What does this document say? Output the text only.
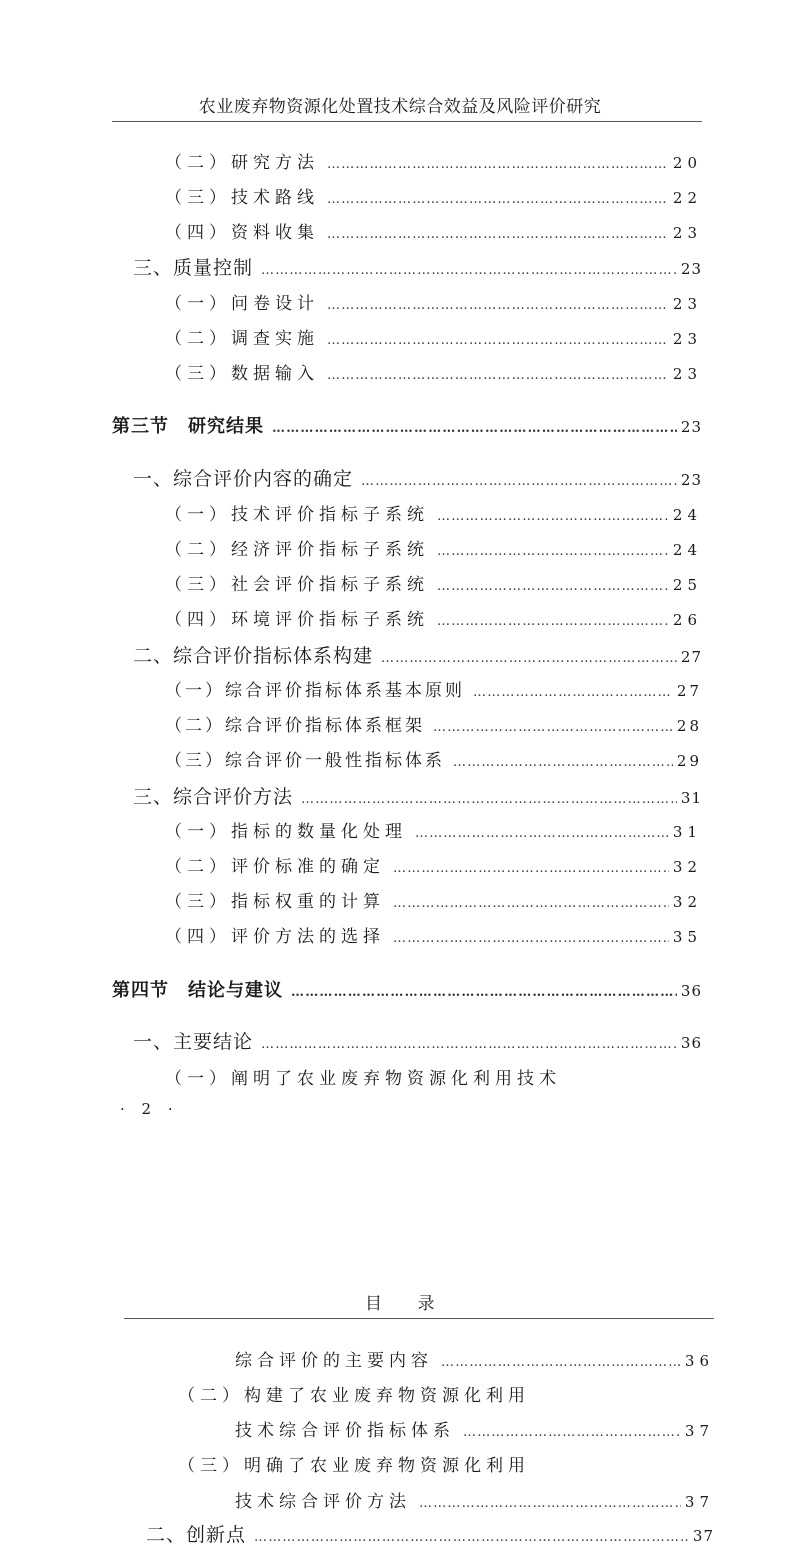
农业废弃物资源化处置技术综合效益及风险评价研究
（二）研究方法 ……………………………………………………………………………………………………………………………………………………………………………………	20
（三）技术路线 ……………………………………………………………………………………………………………………………………………………………………………………	22
（四）资料收集 ……………………………………………………………………………………………………………………………………………………………………………………	23
三、质量控制 ……………………………………………………………………………………………………………………………………………………………………………………	23
（一）问卷设计 ……………………………………………………………………………………………………………………………………………………………………………………	23
（二）调查实施 ……………………………………………………………………………………………………………………………………………………………………………………	23
（三）数据输入 ……………………………………………………………………………………………………………………………………………………………………………………	23
第三节　研究结果 ……………………………………………………………………………………………………………………………………………………………………………………	23
一、综合评价内容的确定 ……………………………………………………………………………………………………………………………………………………………………………………	23
（一）技术评价指标子系统 ……………………………………………………………………………………………………………………………………………………………………………………	24
（二）经济评价指标子系统 ……………………………………………………………………………………………………………………………………………………………………………………	24
（三）社会评价指标子系统 ……………………………………………………………………………………………………………………………………………………………………………………	25
（四）环境评价指标子系统 ……………………………………………………………………………………………………………………………………………………………………………………	26
二、综合评价指标体系构建 ……………………………………………………………………………………………………………………………………………………………………………………	27
（一）综合评价指标体系基本原则 ……………………………………………………………………………………………………………………………………………………………………………………	27
（二）综合评价指标体系框架 ……………………………………………………………………………………………………………………………………………………………………………………	28
（三）综合评价一般性指标体系 ……………………………………………………………………………………………………………………………………………………………………………………	29
三、综合评价方法 ……………………………………………………………………………………………………………………………………………………………………………………	31
（一）指标的数量化处理 ……………………………………………………………………………………………………………………………………………………………………………………	31
（二）评价标准的确定 ……………………………………………………………………………………………………………………………………………………………………………………	32
（三）指标权重的计算 ……………………………………………………………………………………………………………………………………………………………………………………	32
（四）评价方法的选择 ……………………………………………………………………………………………………………………………………………………………………………………	35
第四节　结论与建议 ……………………………………………………………………………………………………………………………………………………………………………………	36
一、主要结论 ……………………………………………………………………………………………………………………………………………………………………………………	36
（一）阐明了农业废弃物资源化利用技术
· 2 ·
目　　录
综合评价的主要内容 ……………………………………………………………………………………………………………………………………………………………………………………	36
（二）构建了农业废弃物资源化利用
技术综合评价指标体系 ……………………………………………………………………………………………………………………………………………………………………………………	37
（三）明确了农业废弃物资源化利用
技术综合评价方法 ……………………………………………………………………………………………………………………………………………………………………………………	37
二、创新点 ……………………………………………………………………………………………………………………………………………………………………………………	37
